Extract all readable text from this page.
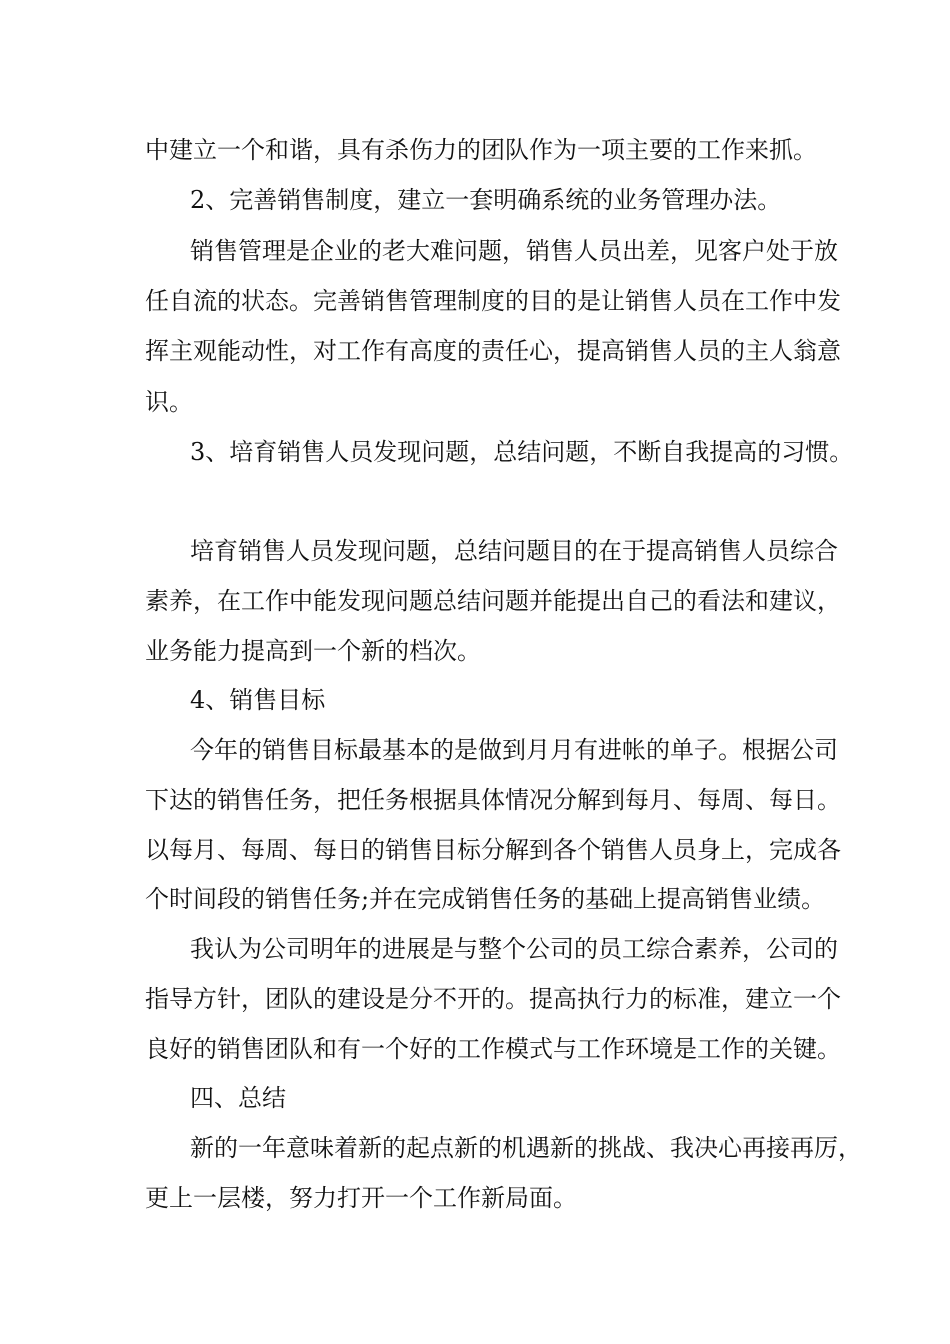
中建立一个和谐，具有杀伤力的团队作为一项主要的工作来抓。
2、完善销售制度，建立一套明确系统的业务管理办法。
销售管理是企业的老大难问题，销售人员出差，见客户处于放
任自流的状态。完善销售管理制度的目的是让销售人员在工作中发
挥主观能动性，对工作有高度的责任心，提高销售人员的主人翁意
识。
3、培育销售人员发现问题，总结问题，不断自我提高的习惯。
培育销售人员发现问题，总结问题目的在于提高销售人员综合
素养，在工作中能发现问题总结问题并能提出自己的看法和建议，
业务能力提高到一个新的档次。
4、销售目标
今年的销售目标最基本的是做到月月有进帐的单子。根据公司
下达的销售任务，把任务根据具体情况分解到每月、每周、每日。
以每月、每周、每日的销售目标分解到各个销售人员身上，完成各
个时间段的销售任务;并在完成销售任务的基础上提高销售业绩。
我认为公司明年的进展是与整个公司的员工综合素养，公司的
指导方针，团队的建设是分不开的。提高执行力的标准，建立一个
良好的销售团队和有一个好的工作模式与工作环境是工作的关键。
四、总结
新的一年意味着新的起点新的机遇新的挑战、我决心再接再厉，
更上一层楼，努力打开一个工作新局面。
